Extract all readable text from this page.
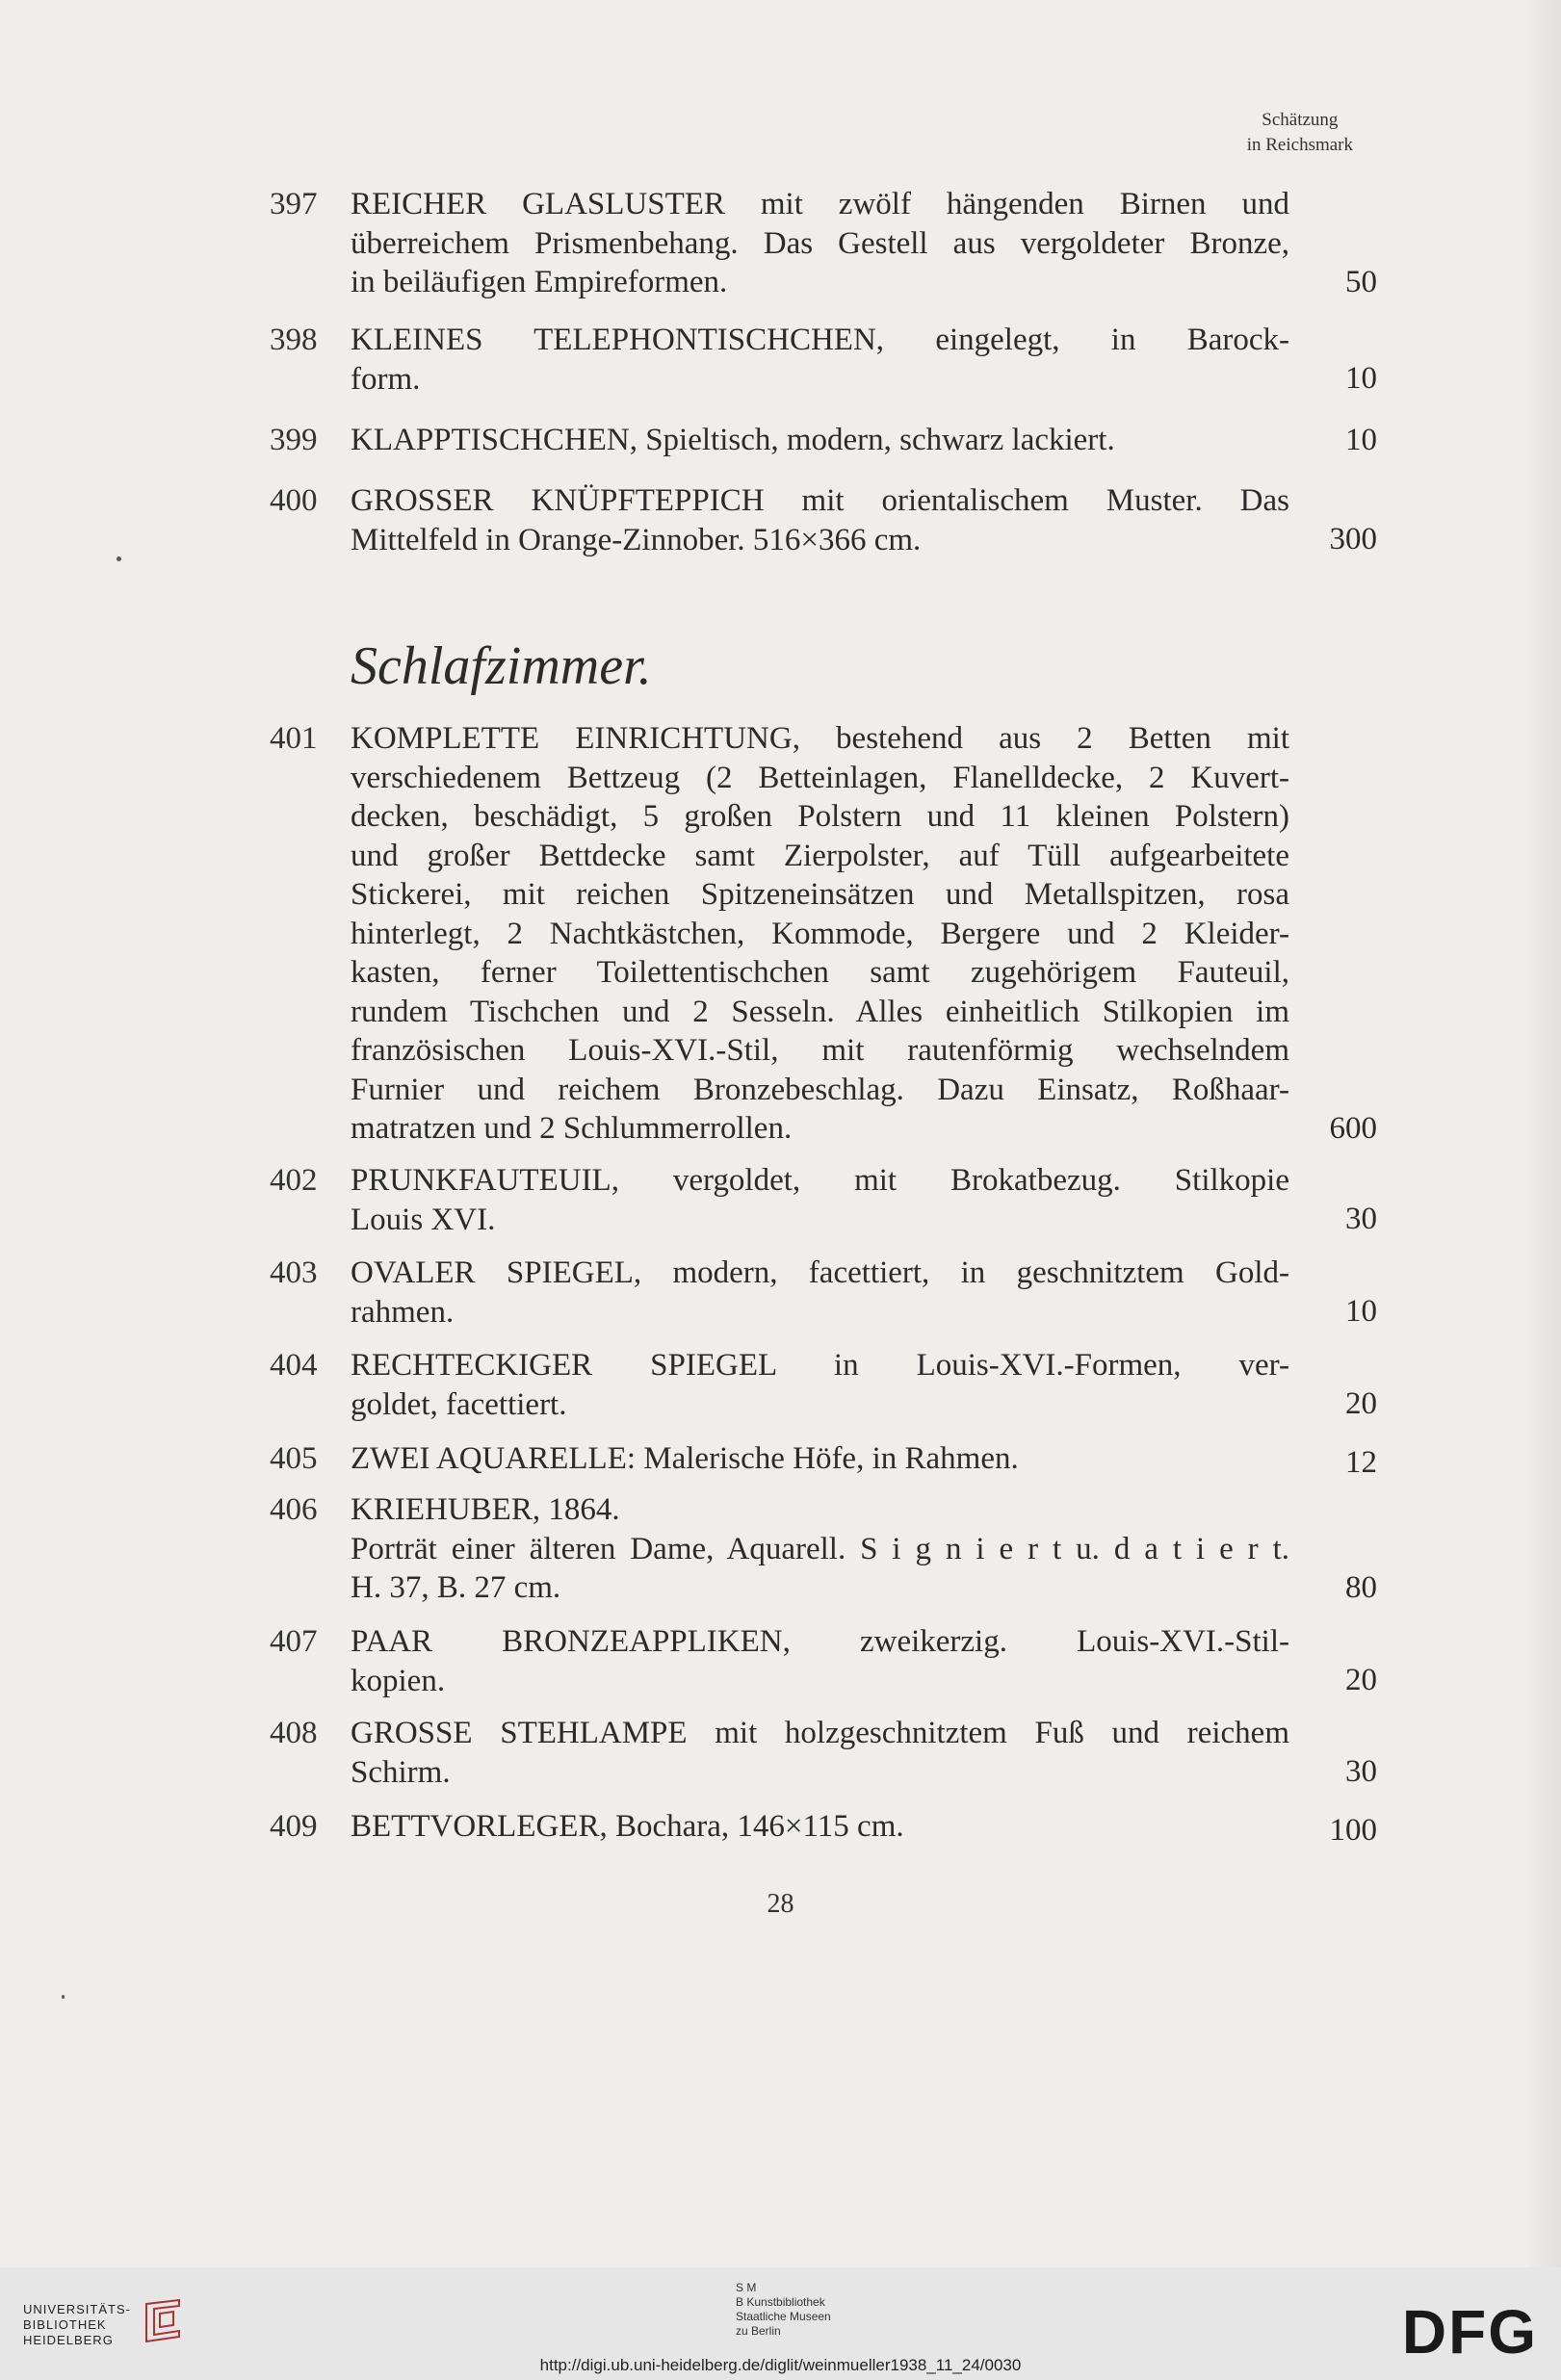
Schätzung
in Reichsmark
397 REICHER GLASLUSTER mit zwölf hängenden Birnen und
überreichem Prismenbehang. Das Gestell aus vergoldeter Bronze,
in beiläufigen Empireformen.	50
398 KLEINES TELEPHONTISCHCHEN, eingelegt, in Barock-
form.	10
399 KLAPPTISCHCHEN, Spieltisch, modern, schwarz lackiert.	10
400 GROSSER KNÜPFTEPPICH mit orientalischem Muster. Das
Mittelfeld in Orange-Zinnober. 516×366 cm.	300
Schlafzimmer.
401 KOMPLETTE EINRICHTUNG, bestehend aus 2 Betten mit
verschiedenem Bettzeug (2 Betteinlagen, Flanelldecke, 2 Kuvert-
decken, beschädigt, 5 großen Polstern und 11 kleinen Polstern)
und großer Bettdecke samt Zierpolster, auf Tüll aufgearbeitete
Stickerei, mit reichen Spitzeneinsätzen und Metallspitzen, rosa
hinterlegt, 2 Nachtkästchen, Kommode, Bergere und 2 Kleider-
kasten, ferner Toilettentischchen samt zugehörigem Fauteuil,
rundem Tischchen und 2 Sesseln. Alles einheitlich Stilkopien im
französischen Louis-XVI.-Stil, mit rautenförmig wechselndem
Furnier und reichem Bronzebeschlag. Dazu Einsatz, Roßhaar-
matratzen und 2 Schlummerrollen.	600
402 PRUNKFAUTEUIL, vergoldet, mit Brokatbezug. Stilkopie
Louis XVI.	30
403 OVALER SPIEGEL, modern, facettiert, in geschnitztem Gold-
rahmen.	10
404 RECHTECKIGER SPIEGEL in Louis-XVI.-Formen, ver-
goldet, facettiert.	20
405 ZWEI AQUARELLE: Malerische Höfe, in Rahmen.	12
406 KRIEHUBER, 1864.
Porträt einer älteren Dame, Aquarell. S i g n i e r t u. d a t i e r t.
H. 37, B. 27 cm.	80
407 PAAR BRONZEAPPLIKEN, zweikerzig. Louis-XVI.-Stil-
kopien.	20
408 GROSSE STEHLAMPE mit holzgeschnitztem Fuß und reichem
Schirm.	30
409 BETTVORLEGER, Bochara, 146×115 cm.	100
28
UNIVERSITÄTS-
BIBLIOTHEK
HEIDELBERG
S M
B Kunstbibliothek
Staatliche Museen
zu Berlin	DFG
http://digi.ub.uni-heidelberg.de/diglit/weinmueller1938_11_24/0030
